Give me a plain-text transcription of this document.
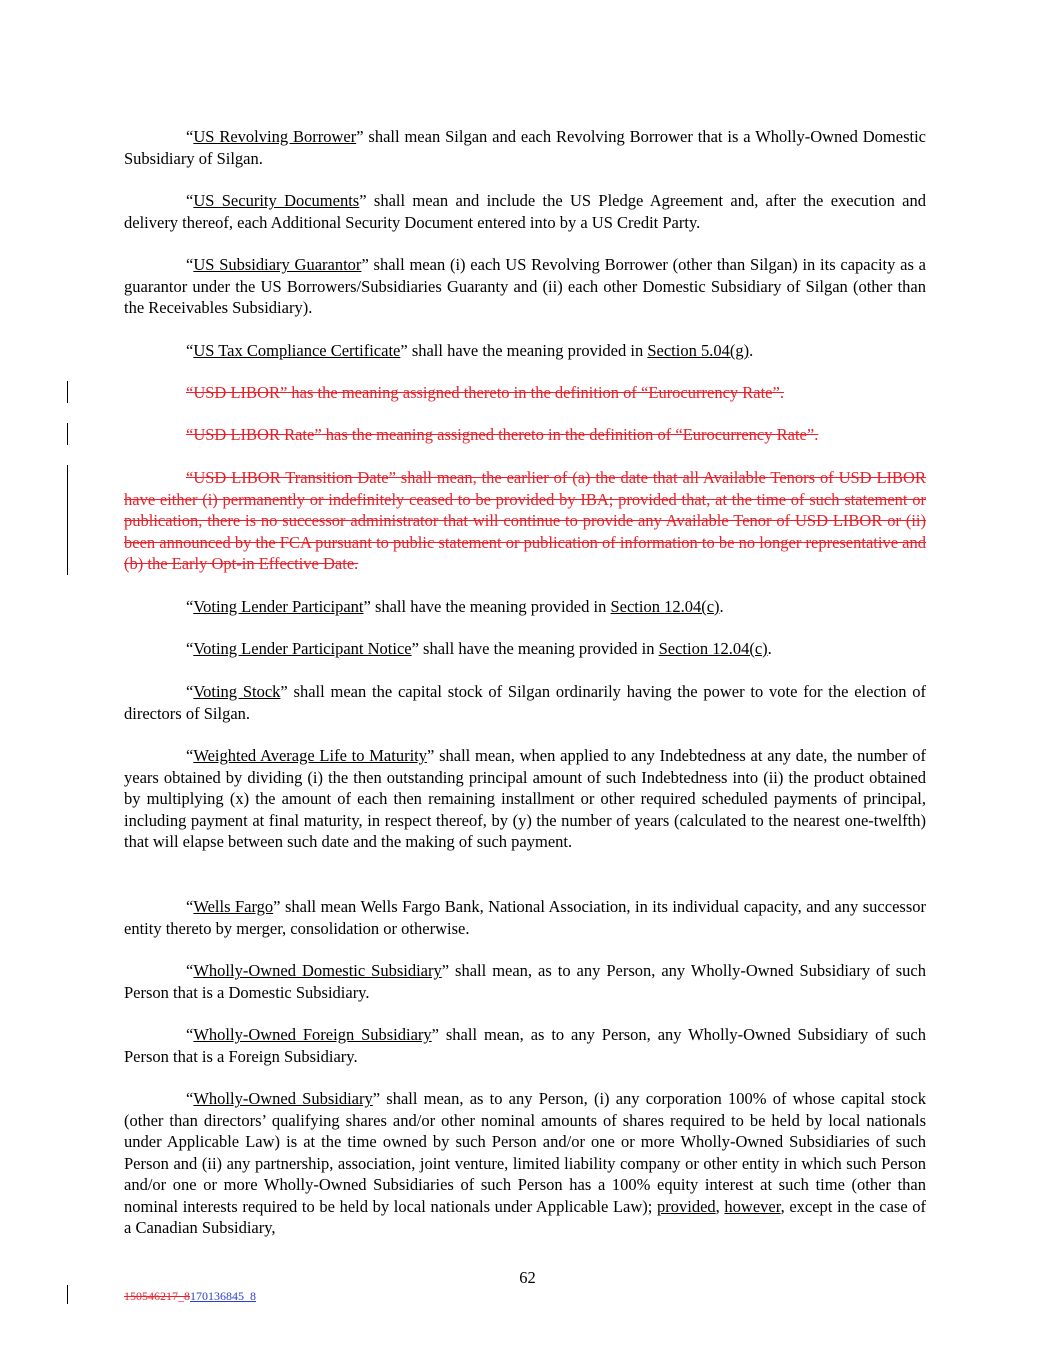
“US Revolving Borrower” shall mean Silgan and each Revolving Borrower that is a Wholly-Owned Domestic Subsidiary of Silgan.
“US Security Documents” shall mean and include the US Pledge Agreement and, after the execution and delivery thereof, each Additional Security Document entered into by a US Credit Party.
“US Subsidiary Guarantor” shall mean (i) each US Revolving Borrower (other than Silgan) in its capacity as a guarantor under the US Borrowers/Subsidiaries Guaranty and (ii) each other Domestic Subsidiary of Silgan (other than the Receivables Subsidiary).
“US Tax Compliance Certificate” shall have the meaning provided in Section 5.04(g).
“USD LIBOR” has the meaning assigned thereto in the definition of “Eurocurrency Rate”.
“USD LIBOR Rate” has the meaning assigned thereto in the definition of “Eurocurrency Rate”.
“USD LIBOR Transition Date” shall mean, the earlier of (a) the date that all Available Tenors of USD LIBOR have either (i) permanently or indefinitely ceased to be provided by IBA; provided that, at the time of such statement or publication, there is no successor administrator that will continue to provide any Available Tenor of USD LIBOR or (ii) been announced by the FCA pursuant to public statement or publication of information to be no longer representative and (b) the Early Opt-in Effective Date.
“Voting Lender Participant” shall have the meaning provided in Section 12.04(c).
“Voting Lender Participant Notice” shall have the meaning provided in Section 12.04(c).
“Voting Stock” shall mean the capital stock of Silgan ordinarily having the power to vote for the election of directors of Silgan.
“Weighted Average Life to Maturity” shall mean, when applied to any Indebtedness at any date, the number of years obtained by dividing (i) the then outstanding principal amount of such Indebtedness into (ii) the product obtained by multiplying (x) the amount of each then remaining installment or other required scheduled payments of principal, including payment at final maturity, in respect thereof, by (y) the number of years (calculated to the nearest one-twelfth) that will elapse between such date and the making of such payment.
“Wells Fargo” shall mean Wells Fargo Bank, National Association, in its individual capacity, and any successor entity thereto by merger, consolidation or otherwise.
“Wholly-Owned Domestic Subsidiary” shall mean, as to any Person, any Wholly-Owned Subsidiary of such Person that is a Domestic Subsidiary.
“Wholly-Owned Foreign Subsidiary” shall mean, as to any Person, any Wholly-Owned Subsidiary of such Person that is a Foreign Subsidiary.
“Wholly-Owned Subsidiary” shall mean, as to any Person, (i) any corporation 100% of whose capital stock (other than directors’ qualifying shares and/or other nominal amounts of shares required to be held by local nationals under Applicable Law) is at the time owned by such Person and/or one or more Wholly-Owned Subsidiaries of such Person and (ii) any partnership, association, joint venture, limited liability company or other entity in which such Person and/or one or more Wholly-Owned Subsidiaries of such Person has a 100% equity interest at such time (other than nominal interests required to be held by local nationals under Applicable Law); provided, however, except in the case of a Canadian Subsidiary,
62
150546217_8170136845_8
